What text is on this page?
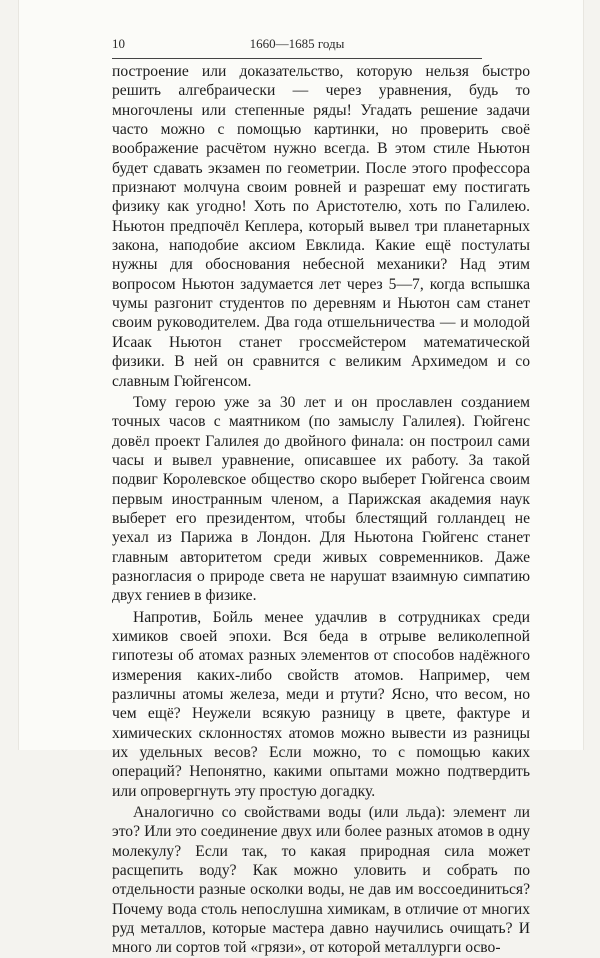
10	1660—1685 годы

построение или доказательство, которую нельзя быстро решить алгебраически — через уравнения, будь то многочлены или степенные ряды! Угадать решение задачи часто можно с помощью картинки, но проверить своё воображение расчётом нужно всегда. В этом стиле Ньютон будет сдавать экзамен по геометрии. После этого профессора признают молчуна своим ровней и разрешат ему постигать физику как угодно! Хоть по Аристотелю, хоть по Галилею. Ньютон предпочёл Кеплера, который вывел три планетарных закона, наподобие аксиом Евклида. Какие ещё постулаты нужны для обоснования небесной механики? Над этим вопросом Ньютон задумается лет через 5—7, когда вспышка чумы разгонит студентов по деревням и Ньютон сам станет своим руководителем. Два года отшельничества — и молодой Исаак Ньютон станет гроссмейстером математической физики. В ней он сравнится с великим Архимедом и со славным Гюйгенсом.

Тому герою уже за 30 лет и он прославлен созданием точных часов с маятником (по замыслу Галилея). Гюйгенс довёл проект Галилея до двойного финала: он построил сами часы и вывел уравнение, описавшее их работу. За такой подвиг Королевское общество скоро выберет Гюйгенса своим первым иностранным членом, а Парижская академия наук выберет его президентом, чтобы блестящий голландец не уехал из Парижа в Лондон. Для Ньютона Гюйгенс станет главным авторитетом среди живых современников. Даже разногласия о природе света не нарушат взаимную симпатию двух гениев в физике.

Напротив, Бойль менее удачлив в сотрудниках среди химиков своей эпохи. Вся беда в отрыве великолепной гипотезы об атомах разных элементов от способов надёжного измерения каких-либо свойств атомов. Например, чем различны атомы железа, меди и ртути? Ясно, что весом, но чем ещё? Неужели всякую разницу в цвете, фактуре и химических склонностях атомов можно вывести из разницы их удельных весов? Если можно, то с помощью каких операций? Непонятно, какими опытами можно подтвердить или опровергнуть эту простую догадку.

Аналогично со свойствами воды (или льда): элемент ли это? Или это соединение двух или более разных атомов в одну молекулу? Если так, то какая природная сила может расщепить воду? Как можно уловить и собрать по отдельности разные осколки воды, не дав им воссоединиться? Почему вода столь непослушна химикам, в отличие от многих руд металлов, которые мастера давно научились очищать? И много ли сортов той «грязи», от которой металлурги осво-
